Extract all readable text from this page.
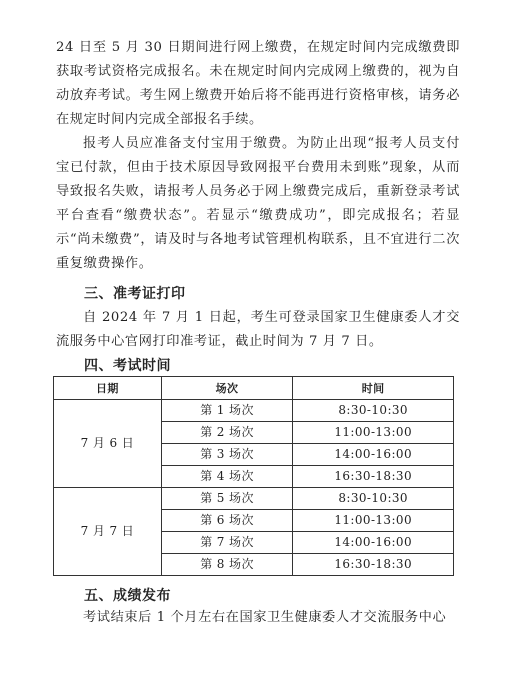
24 日至 5 月 30 日期间进行网上缴费，在规定时间内完成缴费即获取考试资格完成报名。未在规定时间内完成网上缴费的，视为自动放弃考试。考生网上缴费开始后将不能再进行资格审核，请务必在规定时间内完成全部报名手续。

报考人员应准备支付宝用于缴费。为防止出现“报考人员支付宝已付款，但由于技术原因导致网报平台费用未到账”现象，从而导致报名失败，请报考人员务必于网上缴费完成后，重新登录考试平台查看“缴费状态”。若显示“缴费成功”，即完成报名；若显示“尚未缴费”，请及时与各地考试管理机构联系，且不宜进行二次重复缴费操作。

三、准考证打印

自 2024 年 7 月 1 日起，考生可登录国家卫生健康委人才交流服务中心官网打印准考证，截止时间为 7 月 7 日。

四、考试时间
日期	场次	时间
7 月 6 日	第 1 场次	8:30-10:30
	第 2 场次	11:00-13:00
	第 3 场次	14:00-16:00
	第 4 场次	16:30-18:30
7 月 7 日	第 5 场次	8:30-10:30
	第 6 场次	11:00-13:00
	第 7 场次	14:00-16:00
	第 8 场次	16:30-18:30
五、成绩发布

考试结束后 1 个月左右在国家卫生健康委人才交流服务中心
